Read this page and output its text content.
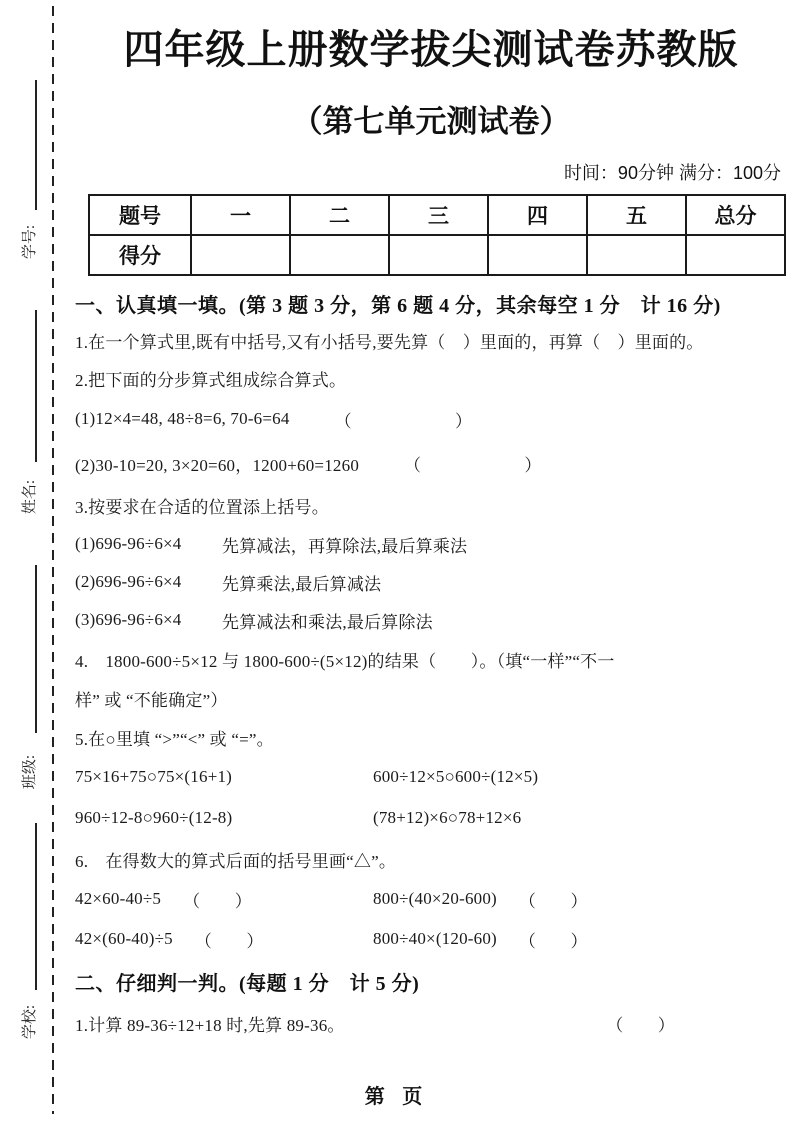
学号:
姓名:
班级:
学校:
四年级上册数学拔尖测试卷苏教版
（第七单元测试卷）
时间：90分钟 满分：100分
题号	一	二	三	四	五	总分
得分						
一、认真填一填。(第 3 题 3 分，第 6 题 4 分，其余每空 1 分　计 16 分)
1.在一个算式里,既有中括号,又有小括号,要先算（　）里面的，再算（　）里面的。
2.把下面的分步算式组成综合算式。
(1)12×4=48, 48÷8=6, 70-6=64	（　　　　　　）
(2)30-10=20, 3×20=60，1200+60=1260	（　　　　　　）
3.按要求在合适的位置添上括号。
(1)696-96÷6×4	先算减法，再算除法,最后算乘法
(2)696-96÷6×4	先算乘法,最后算减法
(3)696-96÷6×4	先算减法和乘法,最后算除法
4.　1800-600÷5×12 与 1800-600÷(5×12)的结果（　　）。（填“一样”“不一
样” 或 “不能确定”）
5.在○里填 “>”“<” 或 “=”。
75×16+75○75×(16+1)	600÷12×5○600÷(12×5)
960÷12-8○960÷(12-8)	(78+12)×6○78+12×6
6.　在得数大的算式后面的括号里画“△”。
42×60-40÷5 （　　）	800÷(40×20-600) （　　）
42×(60-40)÷5 （　　）	800÷40×(120-60) （　　）
二、仔细判一判。(每题 1 分　计 5 分)
1.计算 89-36÷12+18 时,先算 89-36。	（　　）
第 页
